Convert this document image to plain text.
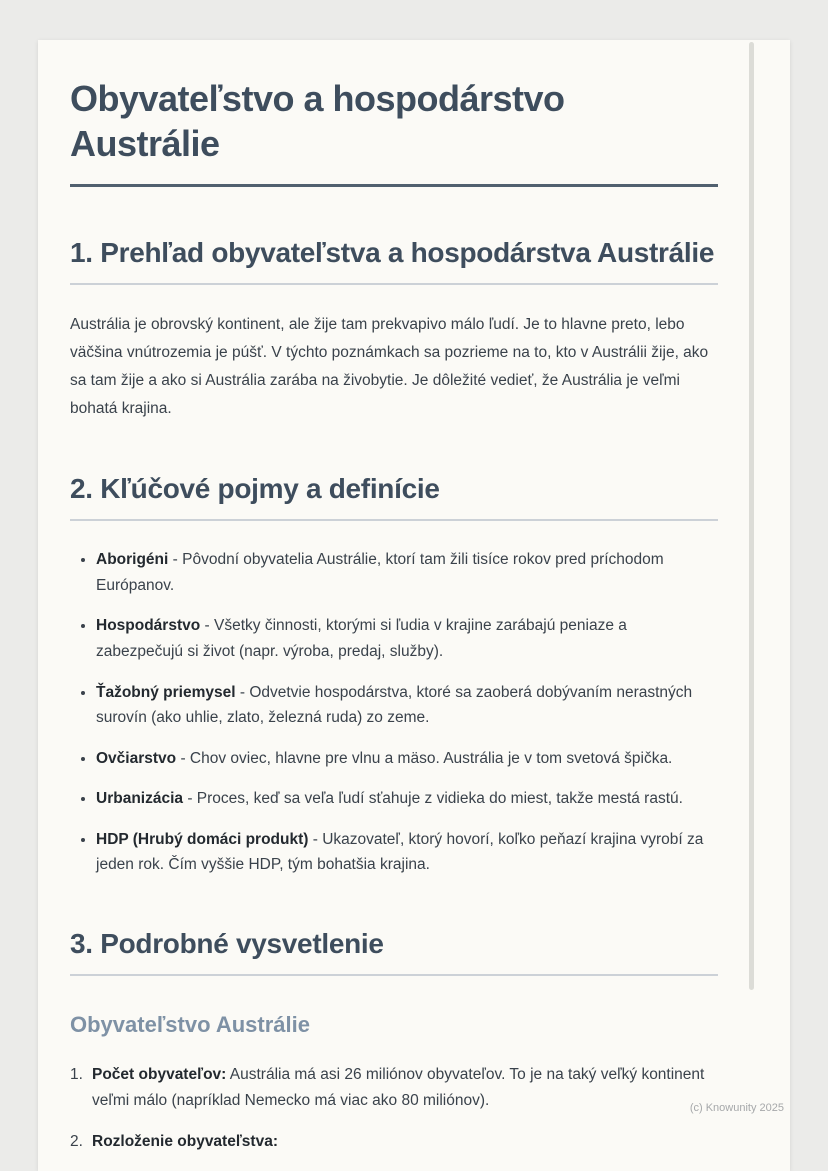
Obyvateľstvo a hospodárstvo Austrálie
1. Prehľad obyvateľstva a hospodárstva Austrálie

Austrália je obrovský kontinent, ale žije tam prekvapivo málo ľudí. Je to hlavne preto, lebo väčšina vnútrozemia je púšť. V týchto poznámkach sa pozrieme na to, kto v Austrálii žije, ako sa tam žije a ako si Austrália zarába na živobytie. Je dôležité vedieť, že Austrália je veľmi bohatá krajina.

2. Kľúčové pojmy a definície
• Aborigéni - Pôvodní obyvatelia Austrálie, ktorí tam žili tisíce rokov pred príchodom Európanov.
• Hospodárstvo - Všetky činnosti, ktorými si ľudia v krajine zarábajú peniaze a zabezpečujú si život (napr. výroba, predaj, služby).
• Ťažobný priemysel - Odvetvie hospodárstva, ktoré sa zaoberá dobývaním nerastných surovín (ako uhlie, zlato, železná ruda) zo zeme.
• Ovčiarstvo - Chov oviec, hlavne pre vlnu a mäso. Austrália je v tom svetová špička.
• Urbanizácia - Proces, keď sa veľa ľudí sťahuje z vidieka do miest, takže mestá rastú.
• HDP (Hrubý domáci produkt) - Ukazovateľ, ktorý hovorí, koľko peňazí krajina vyrobí za jeden rok. Čím vyššie HDP, tým bohatšia krajina.
3. Podrobné vysvetlenie
Obyvateľstvo Austrálie
1. Počet obyvateľov: Austrália má asi 26 miliónov obyvateľov. To je na taký veľký kontinent veľmi málo (napríklad Nemecko má viac ako 80 miliónov).
2. Rozloženie obyvateľstva:
(c) Knowunity 2025
